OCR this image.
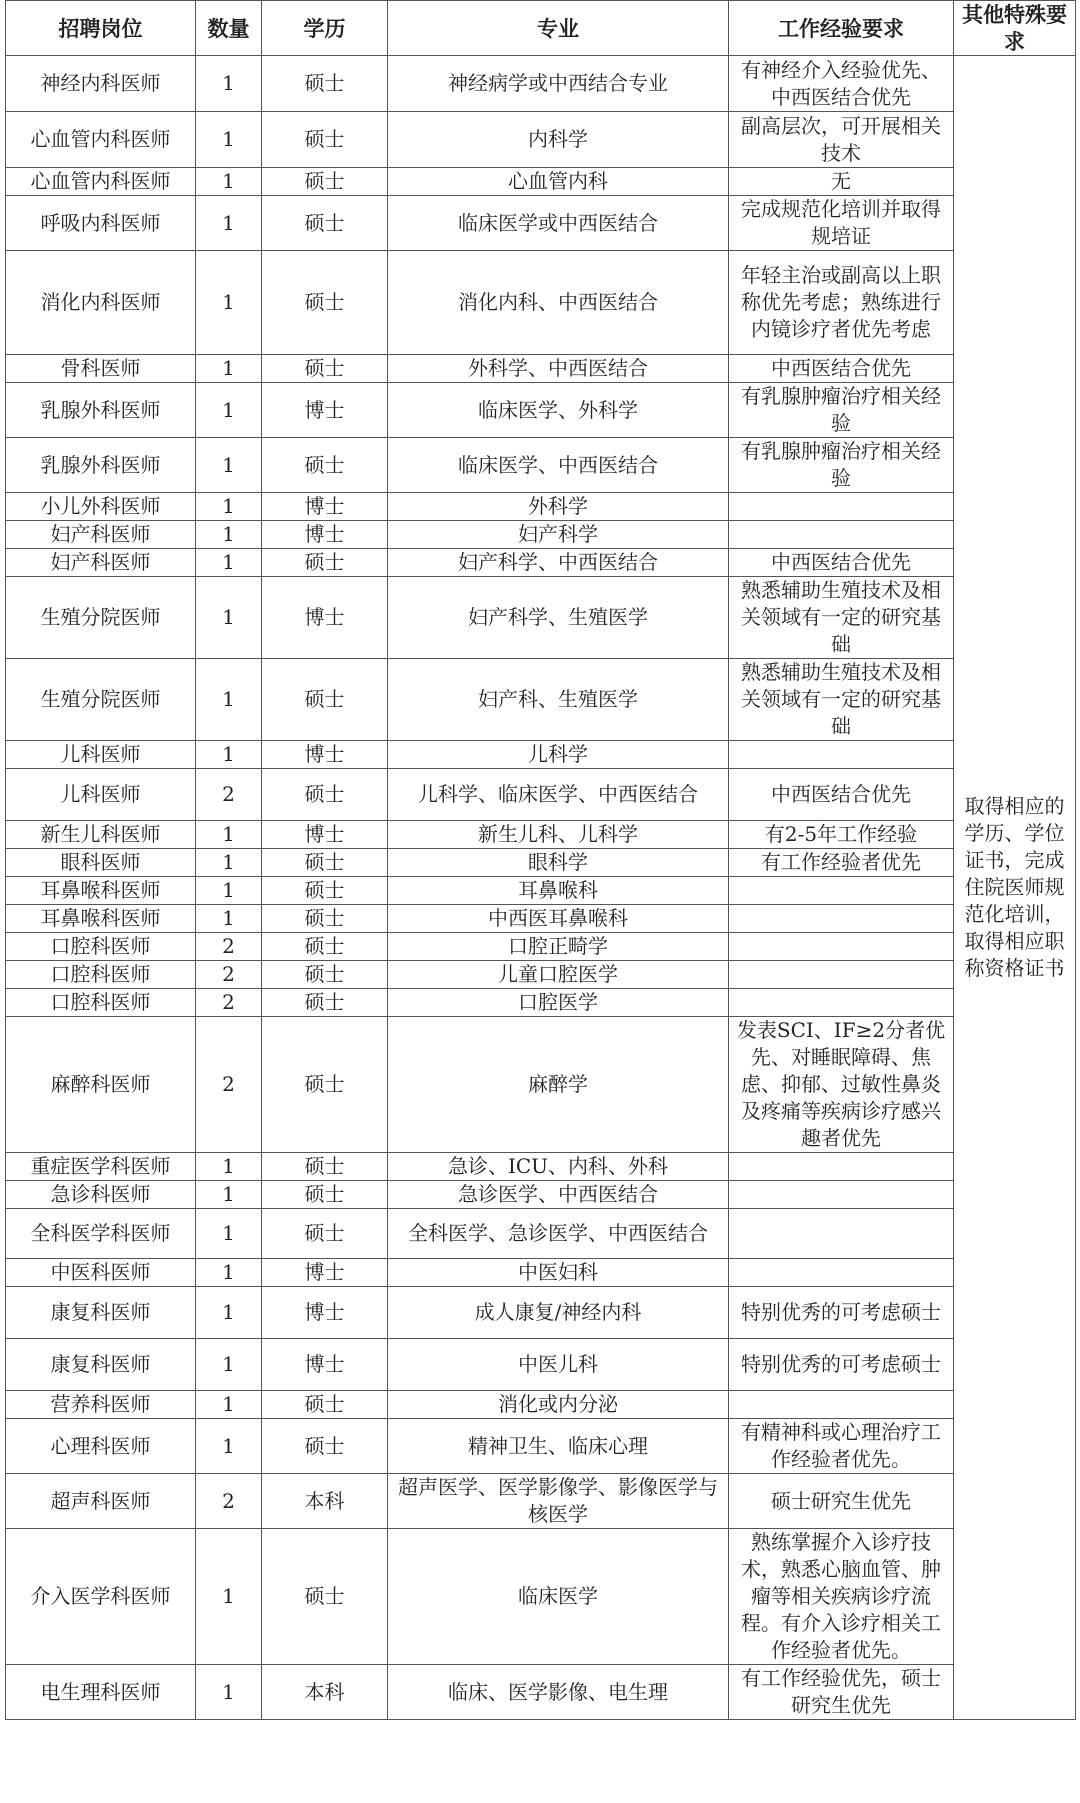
招聘岗位	数量	学历	专业	工作经验要求	其他特殊要求
神经内科医师	1	硕士	神经病学或中西结合专业	有神经介入经验优先、中西医结合优先	取得相应的学历、学位证书，完成住院医师规范化培训，取得相应职称资格证书
心血管内科医师	1	硕士	内科学	副高层次，可开展相关技术	
心血管内科医师	1	硕士	心血管内科	无	
呼吸内科医师	1	硕士	临床医学或中西医结合	完成规范化培训并取得规培证	
消化内科医师	1	硕士	消化内科、中西医结合	年轻主治或副高以上职称优先考虑；熟练进行内镜诊疗者优先考虑	
骨科医师	1	硕士	外科学、中西医结合	中西医结合优先	
乳腺外科医师	1	博士	临床医学、外科学	有乳腺肿瘤治疗相关经验	
乳腺外科医师	1	硕士	临床医学、中西医结合	有乳腺肿瘤治疗相关经验	
小儿外科医师	1	博士	外科学		
妇产科医师	1	博士	妇产科学		
妇产科医师	1	硕士	妇产科学、中西医结合	中西医结合优先	
生殖分院医师	1	博士	妇产科学、生殖医学	熟悉辅助生殖技术及相关领域有一定的研究基础	
生殖分院医师	1	硕士	妇产科、生殖医学	熟悉辅助生殖技术及相关领域有一定的研究基础	
儿科医师	1	博士	儿科学		
儿科医师	2	硕士	儿科学、临床医学、中西医结合	中西医结合优先	
新生儿科医师	1	博士	新生儿科、儿科学	有2-5年工作经验	
眼科医师	1	硕士	眼科学	有工作经验者优先	
耳鼻喉科医师	1	硕士	耳鼻喉科		
耳鼻喉科医师	1	硕士	中西医耳鼻喉科		
口腔科医师	2	硕士	口腔正畸学		
口腔科医师	2	硕士	儿童口腔医学		
口腔科医师	2	硕士	口腔医学		
麻醉科医师	2	硕士	麻醉学	发表SCI、IF≥2分者优先、对睡眠障碍、焦虑、抑郁、过敏性鼻炎及疼痛等疾病诊疗感兴趣者优先	
重症医学科医师	1	硕士	急诊、ICU、内科、外科		
急诊科医师	1	硕士	急诊医学、中西医结合		
全科医学科医师	1	硕士	全科医学、急诊医学、中西医结合		
中医科医师	1	博士	中医妇科		
康复科医师	1	博士	成人康复/神经内科	特别优秀的可考虑硕士	
康复科医师	1	博士	中医儿科	特别优秀的可考虑硕士	
营养科医师	1	硕士	消化或内分泌		
心理科医师	1	硕士	精神卫生、临床心理	有精神科或心理治疗工作经验者优先。	
超声科医师	2	本科	超声医学、医学影像学、影像医学与核医学	硕士研究生优先	
介入医学科医师	1	硕士	临床医学	熟练掌握介入诊疗技术，熟悉心脑血管、肿瘤等相关疾病诊疗流程。有介入诊疗相关工作经验者优先。	
电生理科医师	1	本科	临床、医学影像、电生理	有工作经验优先，硕士研究生优先	
